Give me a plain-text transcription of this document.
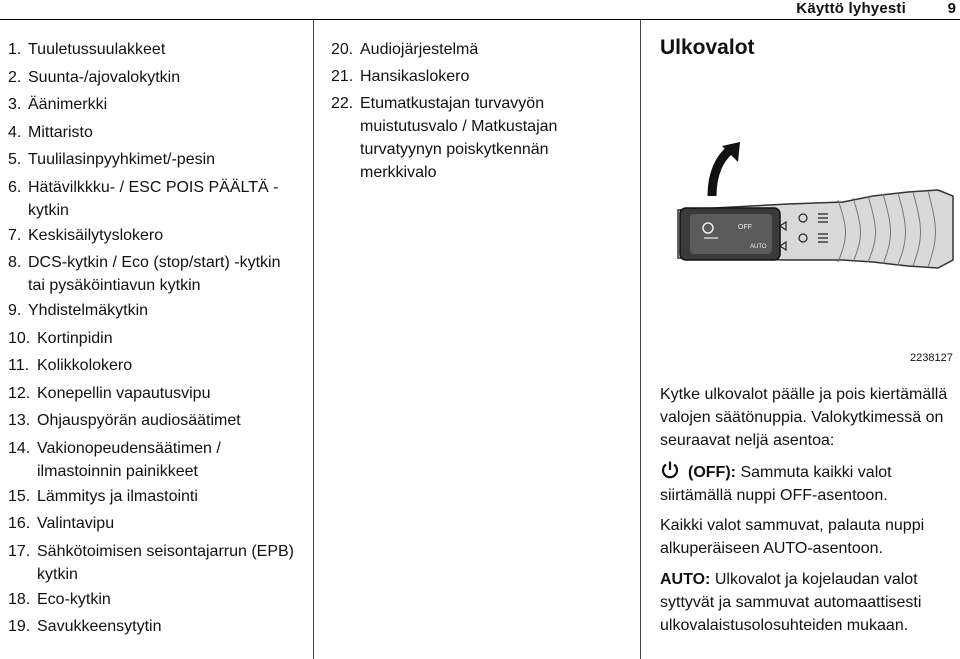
Käyttö lyhyesti	9
1. Tuuletussuulakkeet
2. Suunta-/ajovalokytkin
3. Äänimerkki
4. Mittaristo
5. Tuulilasinpyyhkimet/-pesin
6. Hätävilkkku- / ESC POIS PÄÄLTÄ -kytkin
7. Keskisäilytyslokero
8. DCS-kytkin / Eco (stop/start) -kytkin tai pysäköintiavun kytkin
9. Yhdistelmäkytkin
10. Kortinpidin
11. Kolikkolokero
12. Konepellin vapautusvipu
13. Ohjauspyörän audiosäätimet
14. Vakionopeudensäätimen / ilmastoinnin painikkeet
15. Lämmitys ja ilmastointi
16. Valintavipu
17. Sähkötoimisen seisontajarrun (EPB) kytkin
18. Eco-kytkin
19. Savukkeensytytin
20. Audiojärjestelmä
21. Hansikaslokero
22. Etumatkustajan turvavyön muistutusvalo / Matkustajan turvatyynyn poiskytkennän merkkivalo
Ulkovalot
OFF
AUTO
2238127
Kytke ulkovalot päälle ja pois kiertämällä valojen säätönuppia. Valokytkimessä on seuraavat neljä asentoa:
(OFF): Sammuta kaikki valot siirtämällä nuppi OFF-asentoon.
Kaikki valot sammuvat, palauta nuppi alkuperäiseen AUTO-asentoon.
AUTO: Ulkovalot ja kojelaudan valot syttyvät ja sammuvat automaattisesti ulkovalaistusolosuhteiden mukaan.
